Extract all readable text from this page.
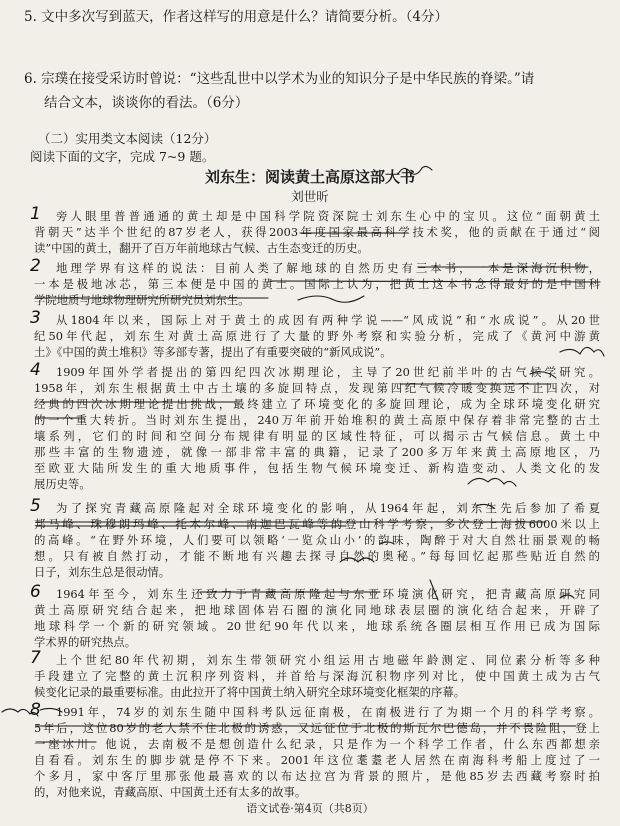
5. 文中多次写到蓝天，作者这样写的用意是什么？请简要分析。（4分）
6. 宗璞在接受采访时曾说：“这些乱世中以学术为业的知识分子是中华民族的脊梁。”请
结合文本，谈谈你的看法。（6分）
（二）实用类文本阅读（12分）
阅读下面的文字，完成 7~9 题。
刘东生：阅读黄土高原这部大书
刘世昕
旁人眼里普普通通的黄土却是中国科学院资深院士刘东生心中的宝贝。这位“面朝黄土
背朝天”达半个世纪的87岁老人，获得2003年度国家最高科学技术奖，他的贡献在于通过“阅
读”中国的黄土，翻开了百万年前地球古气候、古生态变迁的历史。
地理学界有这样的说法：目前人类了解地球的自然历史有三本书，一本是深海沉积物，
一本是极地冰芯，第三本便是中国的黄土。国际上认为，把黄土这本书念得最好的是中国科
学院地质与地球物理研究所研究员刘东生。
从1804年以来，国际上对于黄土的成因有两种学说——“风成说”和“水成说”。从20世
纪50年代起，刘东生对黄土高原进行了大量的野外考察和实验分析，完成了《黄河中游黄
土》《中国的黄土堆积》等多部专著，提出了有重要突破的“新风成说”。
1909年国外学者提出的第四纪四次冰期理论，主导了20世纪前半叶的古气候学研究。
1958年，刘东生根据黄土中古土壤的多旋回特点，发现第四纪气候冷暖变换远不止四次，对
经典的四次冰期理论提出挑战，最终建立了环境变化的多旋回理论，成为全球环境变化研究
的一个重大转折。当时刘东生提出，240万年前开始堆积的黄土高原中保存着非常完整的古土
壤系列，它们的时间和空间分布规律有明显的区域性特征，可以揭示古气候信息。黄土中
那些丰富的生物遗迹，就像一部非常丰富的典籍，记录了200多万年来黄土高原地区，乃
至欧亚大陆所发生的重大地质事件，包括生物气候环境变迁、新构造变动、人类文化的发
展历史等。
为了探究青藏高原隆起对全球环境变化的影响，从1964年起，刘东生先后参加了希夏
邦马峰、珠穆朗玛峰、托木尔峰、南迦巴瓦峰等的登山科学考察，多次登上海拔6000米以上
的高峰。“在野外环境，人们要可以领略‘一览众山小’的韵味，陶醉于对大自然壮丽景观的畅
想。只有被自然打动，才能不断地有兴趣去探寻自然的奥秘。”每每回忆起那些贴近自然的
日子，刘东生总是很动情。
1964年至今，刘东生还致力于青藏高原隆起与东亚环境演化研究，把青藏高原研究同
黄土高原研究结合起来，把地球固体岩石圈的演化同地球表层圈的演化结合起来，开辟了
地球科学一个新的研究领域。20世纪90年代以来，地球系统各圈层相互作用已成为国际
学术界的研究热点。
上个世纪80年代初期，刘东生带领研究小组运用古地磁年龄测定、同位素分析等多种
手段建立了完整的黄土沉积序列资料，并首给与深海沉积物序列对比，使中国黄土成为古气
候变化记录的最重要标准。由此拉开了将中国黄土纳入研究全球环境变化框架的序幕。
1991年，74岁的刘东生随中国科考队远征南极，在南极进行了为期一个月的科学考察。
5年后，这位80岁的老人禁不住北极的诱惑，又远征位于北极的斯瓦尔巴德岛，并不畏险阻，登上
一座冰川。他说，去南极不是想创造什么纪录，只是作为一个科学工作者，什么东西都想亲
自看看。刘东生的脚步就是停不下来。2001年这位耄耋老人居然在南海科考船上度过了一
个多月，家中客厅里那张他最喜欢的以布达拉宫为背景的照片，是他85岁去西藏考察时拍
的，对他来说，青藏高原、中国黄土还有太多的故事。
1
2
3
4
5
6
7
8
语文试卷·第4页（共8页）
